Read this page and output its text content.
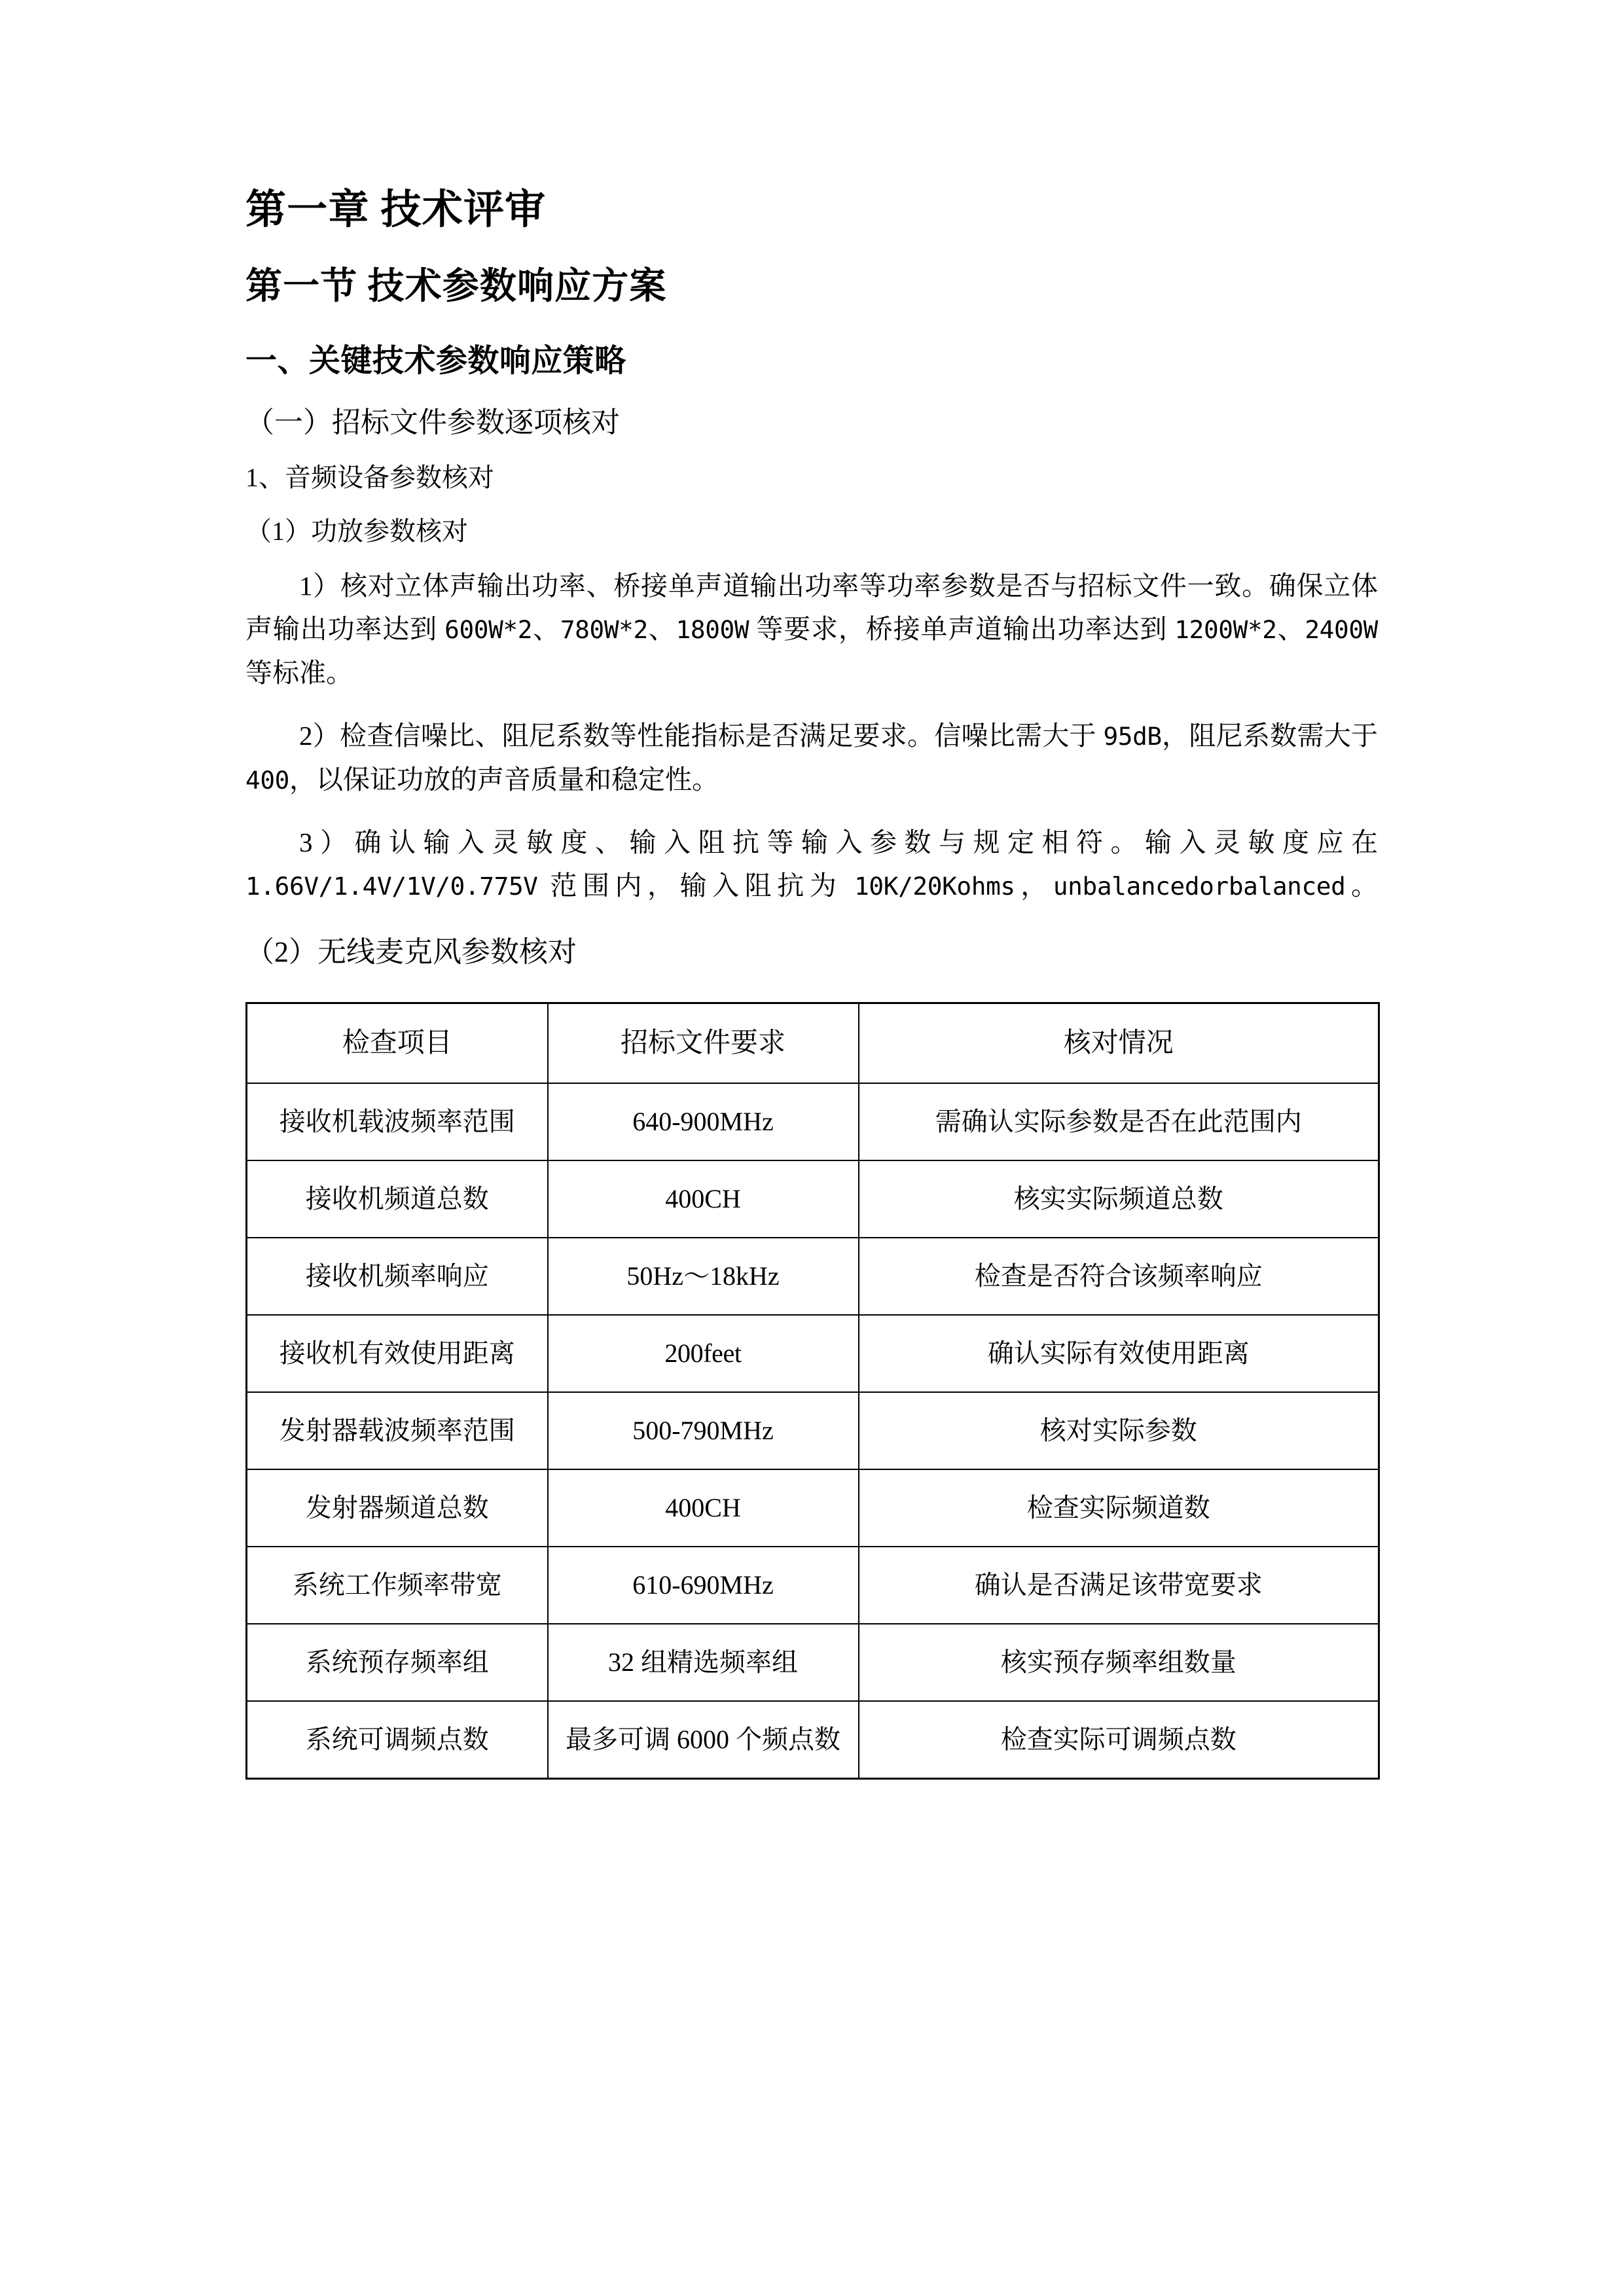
第一章 技术评审
第一节 技术参数响应方案
一、关键技术参数响应策略

（一）招标文件参数逐项核对

1、音频设备参数核对

（1）功放参数核对

1）核对立体声输出功率、桥接单声道输出功率等功率参数是否与招标文件一致。确保立体声输出功率达到 600W*2、780W*2、1800W 等要求，桥接单声道输出功率达到 1200W*2、2400W 等标准。

2）检查信噪比、阻尼系数等性能指标是否满足要求。信噪比需大于 95dB，阻尼系数需大于 400，以保证功放的声音质量和稳定性。

3）确认输入灵敏度、输入阻抗等输入参数与规定相符。输入灵敏度应在 1.66V/1.4V/1V/0.775V 范围内，输入阻抗为 10K/20Kohms，unbalancedorbalanced。

（2）无线麦克风参数核对

检查项目	招标文件要求	核对情况
接收机载波频率范围	640-900MHz	需确认实际参数是否在此范围内
接收机频道总数	400CH	核实实际频道总数
接收机频率响应	50Hz～18kHz	检查是否符合该频率响应
接收机有效使用距离	200feet	确认实际有效使用距离
发射器载波频率范围	500-790MHz	核对实际参数
发射器频道总数	400CH	检查实际频道数
系统工作频率带宽	610-690MHz	确认是否满足该带宽要求
系统预存频率组	32 组精选频率组	核实预存频率组数量
系统可调频点数	最多可调 6000 个频点数	检查实际可调频点数
